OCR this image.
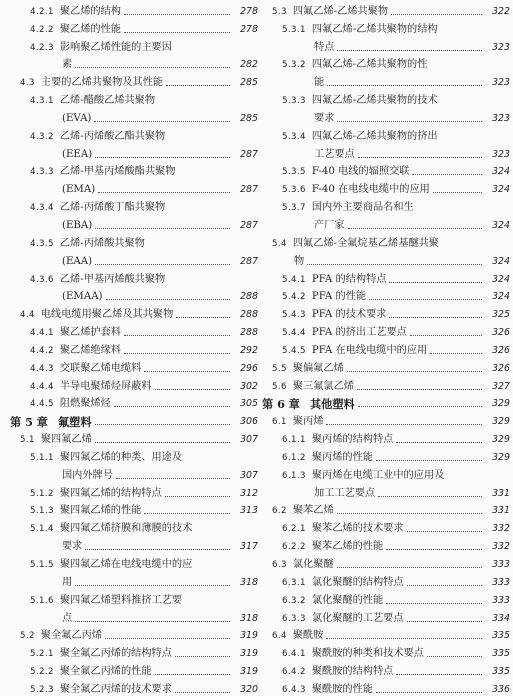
4.2.1 聚乙烯的结构	278
4.2.2 聚乙烯的性能	278
4.2.3 影响聚乙烯性能的主要因
素	282
4.3 主要的乙烯共聚物及其性能	285
4.3.1 乙烯-醋酸乙烯共聚物
(EVA)	285
4.3.2 乙烯-丙烯酸乙酯共聚物
(EEA)	287
4.3.3 乙烯-甲基丙烯酸酯共聚物
(EMA)	287
4.3.4 乙烯-丙烯酸丁酯共聚物
(EBA)	287
4.3.5 乙烯-丙烯酸共聚物
(EAA)	287
4.3.6 乙烯-甲基丙烯酸共聚物
(EMAA)	288
4.4 电线电缆用聚乙烯及其共聚物	288
4.4.1 聚乙烯护套料	288
4.4.2 聚乙烯绝缘料	292
4.4.3 交联聚乙烯电缆料	296
4.4.4 半导电聚烯烃屏蔽料	302
4.4.5 阻燃聚烯烃	305
第 5 章 氟塑料	306
5.1 聚四氟乙烯	307
5.1.1 聚四氟乙烯的种类、用途及
国内外牌号	307
5.1.2 聚四氟乙烯的结构特点	312
5.1.3 聚四氟乙烯的性能	313
5.1.4 聚四氟乙烯挤膜和薄膜的技术
要求	317
5.1.5 聚四氟乙烯在电线电缆中的应
用	318
5.1.6 聚四氟乙烯塑料推挤工艺要
点	318
5.2 聚全氟乙丙烯	319
5.2.1 聚全氟乙丙烯的结构特点	319
5.2.2 聚全氟乙丙烯的性能	319
5.2.3 聚全氟乙丙烯的技术要求	320
5.3 四氟乙烯-乙烯共聚物	322
5.3.1 四氟乙烯-乙烯共聚物的结构
特点	323
5.3.2 四氟乙烯-乙烯共聚物的性
能	323
5.3.3 四氟乙烯-乙烯共聚物的技术
要求	323
5.3.4 四氟乙烯-乙烯共聚物的挤出
工艺要点	323
5.3.5 F-40 电线的辐照交联	324
5.3.6 F-40 在电线电缆中的应用	324
5.3.7 国内外主要商品名和生
产厂家	324
5.4 四氟乙烯-全氟烷基乙烯基醚共聚
物	324
5.4.1 PFA 的结构特点	324
5.4.2 PFA 的性能	324
5.4.3 PFA 的技术要求	325
5.4.4 PFA 的挤出工艺要点	326
5.4.5 PFA 在电线电缆中的应用	326
5.5 聚偏氟乙烯	326
5.6 聚三氟氯乙烯	327
第 6 章 其他塑料	329
6.1 聚丙烯	329
6.1.1 聚丙烯的结构特点	329
6.1.2 聚丙烯的性能	329
6.1.3 聚丙烯在电缆工业中的应用及
加工工艺要点	331
6.2 聚苯乙烯	331
6.2.1 聚苯乙烯的技术要求	332
6.2.2 聚苯乙烯的性能	332
6.3 氯化聚醚	333
6.3.1 氯化聚醚的结构特点	333
6.3.2 氯化聚醚的性能	333
6.3.3 氯化聚醚的工艺要点	334
6.4 聚酰胺	335
6.4.1 聚酰胺的种类和技术要点	335
6.4.2 聚酰胺的结构特点	335
6.4.3 聚酰胺的性能	336
